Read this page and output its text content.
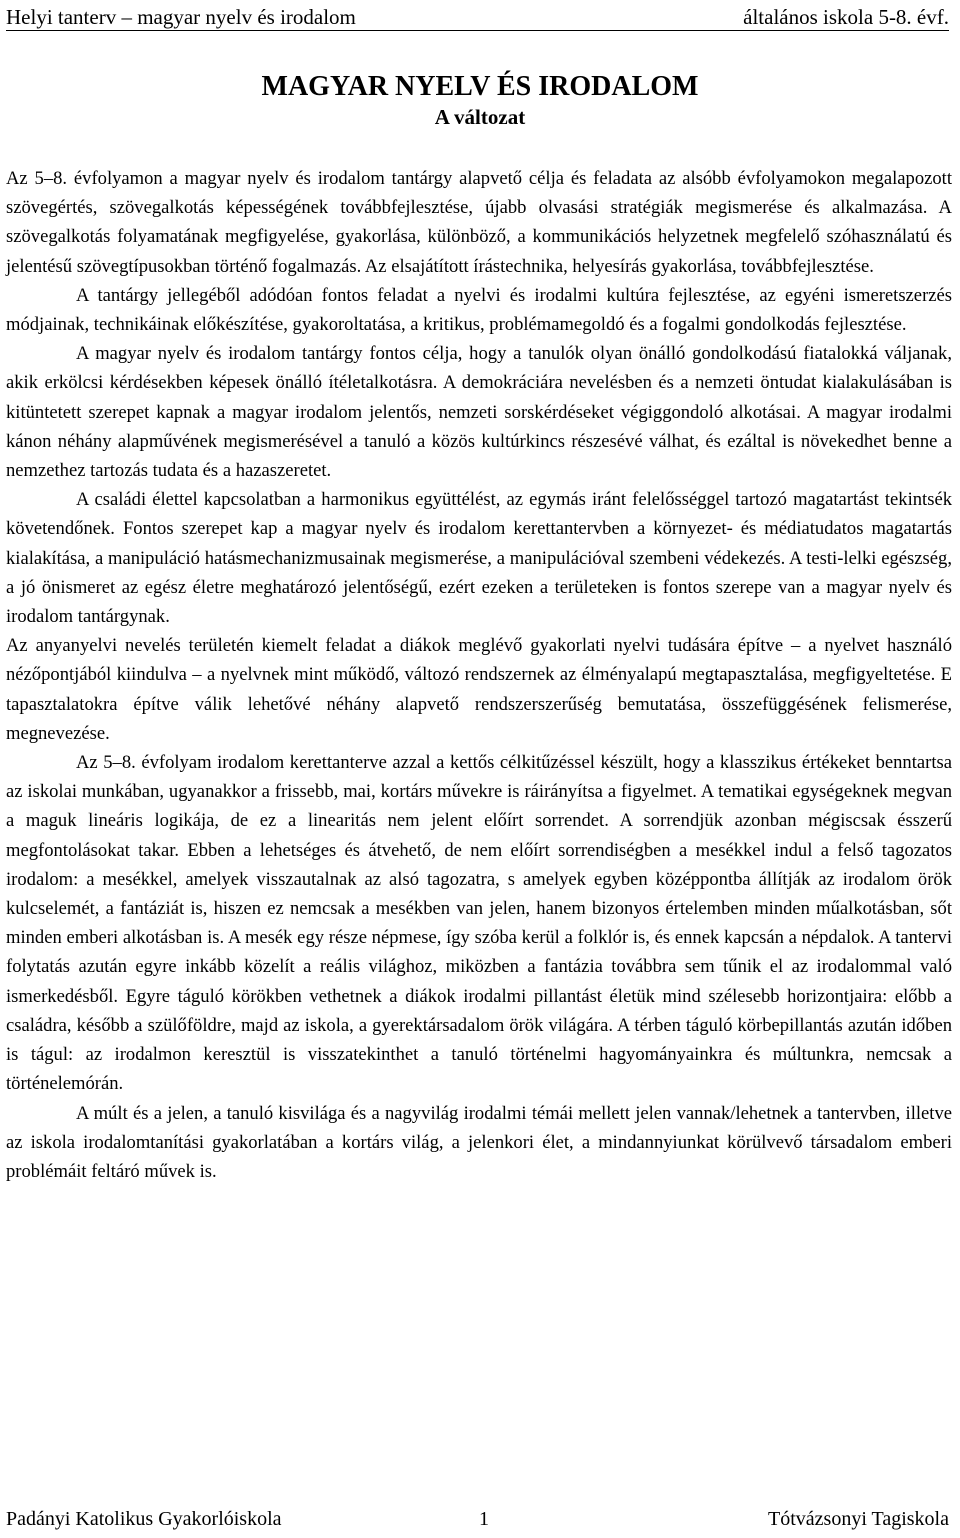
Helyi tanterv – magyar nyelv és irodalom	általános iskola 5-8. évf.
MAGYAR NYELV ÉS IRODALOM
A változat

Az 5–8. évfolyamon a magyar nyelv és irodalom tantárgy alapvető célja és feladata az alsóbb évfolyamokon megalapozott szövegértés, szövegalkotás képességének továbbfejlesztése, újabb olvasási stratégiák megismerése és alkalmazása. A szövegalkotás folyamatának megfigyelése, gyakorlása, különböző, a kommunikációs helyzetnek megfelelő szóhasználatú és jelentésű szövegtípusokban történő fogalmazás. Az elsajátított írástechnika, helyesírás gyakorlása, továbbfejlesztése.

A tantárgy jellegéből adódóan fontos feladat a nyelvi és irodalmi kultúra fejlesztése, az egyéni ismeretszerzés módjainak, technikáinak előkészítése, gyakoroltatása, a kritikus, problémamegoldó és a fogalmi gondolkodás fejlesztése.

A magyar nyelv és irodalom tantárgy fontos célja, hogy a tanulók olyan önálló gondolkodású fiatalokká váljanak, akik erkölcsi kérdésekben képesek önálló ítéletalkotásra. A demokráciára nevelésben és a nemzeti öntudat kialakulásában is kitüntetett szerepet kapnak a magyar irodalom jelentős, nemzeti sorskérdéseket végiggondoló alkotásai. A magyar irodalmi kánon néhány alapművének megismerésével a tanuló a közös kultúrkincs részesévé válhat, és ezáltal is növekedhet benne a nemzethez tartozás tudata és a hazaszeretet.

A családi élettel kapcsolatban a harmonikus együttélést, az egymás iránt felelősséggel tartozó magatartást tekintsék követendőnek. Fontos szerepet kap a magyar nyelv és irodalom kerettantervben a környezet- és médiatudatos magatartás kialakítása, a manipuláció hatásmechanizmusainak megismerése, a manipulációval szembeni védekezés. A testi-lelki egészség, a jó önismeret az egész életre meghatározó jelentőségű, ezért ezeken a területeken is fontos szerepe van a magyar nyelv és irodalom tantárgynak.

Az anyanyelvi nevelés területén kiemelt feladat a diákok meglévő gyakorlati nyelvi tudására építve – a nyelvet használó nézőpontjából kiindulva – a nyelvnek mint működő, változó rendszernek az élményalapú megtapasztalása, megfigyeltetése. E tapasztalatokra építve válik lehetővé néhány alapvető rendszerszerűség bemutatása, összefüggésének felismerése, megnevezése.

Az 5–8. évfolyam irodalom kerettanterve azzal a kettős célkitűzéssel készült, hogy a klasszikus értékeket benntartsa az iskolai munkában, ugyanakkor a frissebb, mai, kortárs művekre is ráirányítsa a figyelmet. A tematikai egységeknek megvan a maguk lineáris logikája, de ez a linearitás nem jelent előírt sorrendet. A sorrendjük azonban mégiscsak ésszerű megfontolásokat takar. Ebben a lehetséges és átvehető, de nem előírt sorrendiségben a mesékkel indul a felső tagozatos irodalom: a mesékkel, amelyek visszautalnak az alsó tagozatra, s amelyek egyben középpontba állítják az irodalom örök kulcselemét, a fantáziát is, hiszen ez nemcsak a mesékben van jelen, hanem bizonyos értelemben minden műalkotásban, sőt minden emberi alkotásban is. A mesék egy része népmese, így szóba kerül a folklór is, és ennek kapcsán a népdalok. A tantervi folytatás azután egyre inkább közelít a reális világhoz, miközben a fantázia továbbra sem tűnik el az irodalommal való ismerkedésből. Egyre táguló körökben vethetnek a diákok irodalmi pillantást életük mind szélesebb horizontjaira: előbb a családra, később a szülőföldre, majd az iskola, a gyerektársadalom örök világára. A térben táguló körbepillantás azután időben is tágul: az irodalmon keresztül is visszatekinthet a tanuló történelmi hagyományainkra és múltunkra, nemcsak a történelemórán.

A múlt és a jelen, a tanuló kisvilága és a nagyvilág irodalmi témái mellett jelen vannak/lehetnek a tantervben, illetve az iskola irodalomtanítási gyakorlatában a kortárs világ, a jelenkori élet, a mindannyiunkat körülvevő társadalom emberi problémáit feltáró művek is.

Padányi Katolikus Gyakorlóiskola	1	Tótvázsonyi Tagiskola
